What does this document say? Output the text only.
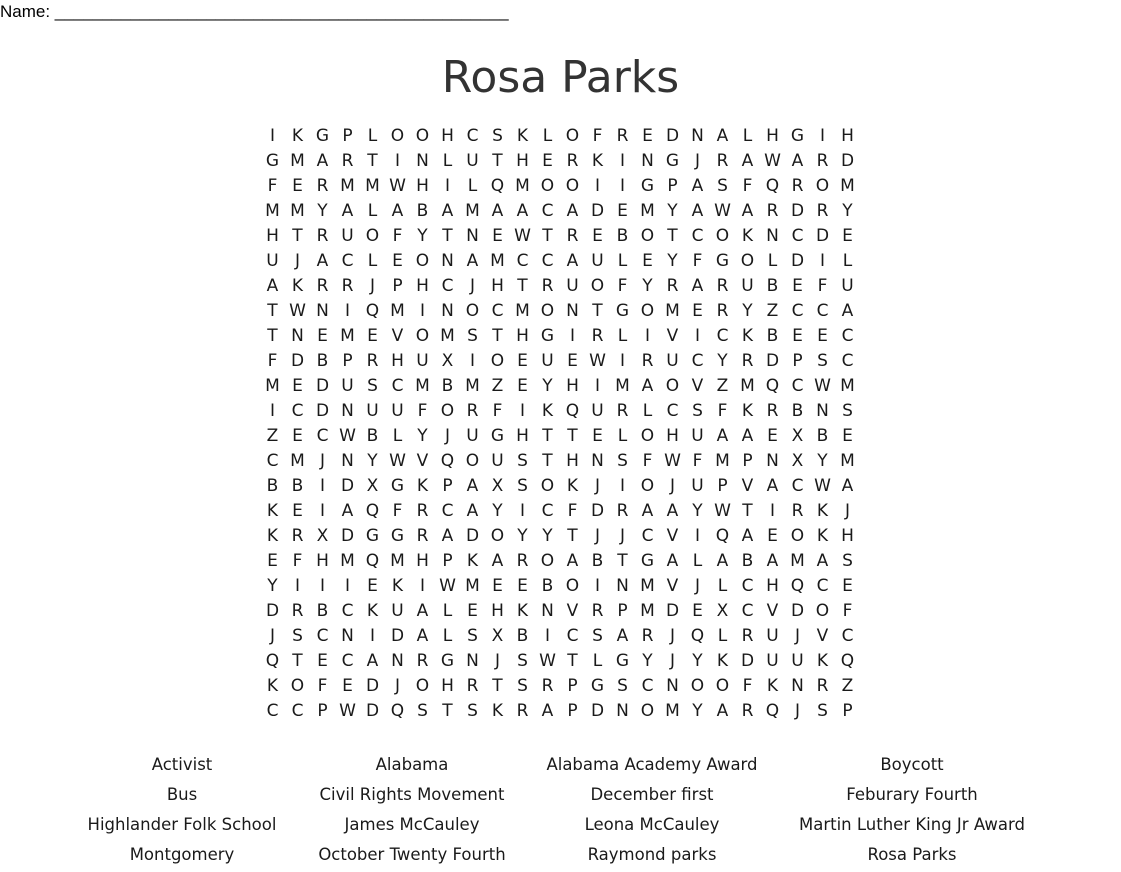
Name: ________________________________________________
Rosa Parks
I K G P L O O H C S K L O F R E D N A L H G I H
G M A R T	I N L U T H E R K I N G J R A W A R D
F E R M M W H I	L Q M O O I	I G P A S F Q R O M
M M Y A L A B A M A A C A D E M Y A W A R D R Y
H T R U O F Y T N E W T R E B O T C O K N C D E
U J A C L E O N A M C C A U L E Y F G O L D I	L
A K R R J	P H C J H T R U O F Y R A R U B E F U
T W N I Q M I N O C M O N T G O M E R Y Z C C A
T N E M E V O M S T H G I R L	I V I C K B E E C
F D B P R H U X I O E U E W I R U C Y R D P S C
M E D U S C M B M Z E Y H I M A O V Z M Q C W M
I C D N U U F O R F	I K Q U R L C S F K R B N S
Z E C W B L Y	J U G H T T E L O H U A A E X B E
C M J N Y W V Q O U S T H N S F W F M P N X Y M
B B I D X G K P A X S O K J	I O J U P V A C W A
K E	I A Q F R C A Y	I C F D R A A Y W T	I R K J
K R X D G G R A D O Y Y T	J	J C V I Q A E O K H
E F H M Q M H P K A R O A B T G A L A B A M A S
Y	I	I	I	E K I W M E E B O I N M V J	L C H Q C E
D R B C K U A L E H K N V R P M D E X C V D O F
J	S C N I D A L S X B I C S A R J Q L R U J V C
Q T E C A N R G N J	S W T L G Y	J	Y K D U U K Q
K O F E D J O H R T S R P G S C N O O F K N R Z
C C P W D Q S T S K R A P D N O M Y A R Q J	S P
Activist	Alabama	Alabama Academy Award	Boycott
Bus	Civil Rights Movement	December first	Feburary Fourth
Highlander Folk School	James McCauley	Leona McCauley	Martin Luther King Jr Award
Montgomery	October Twenty Fourth	Raymond parks	Rosa Parks
